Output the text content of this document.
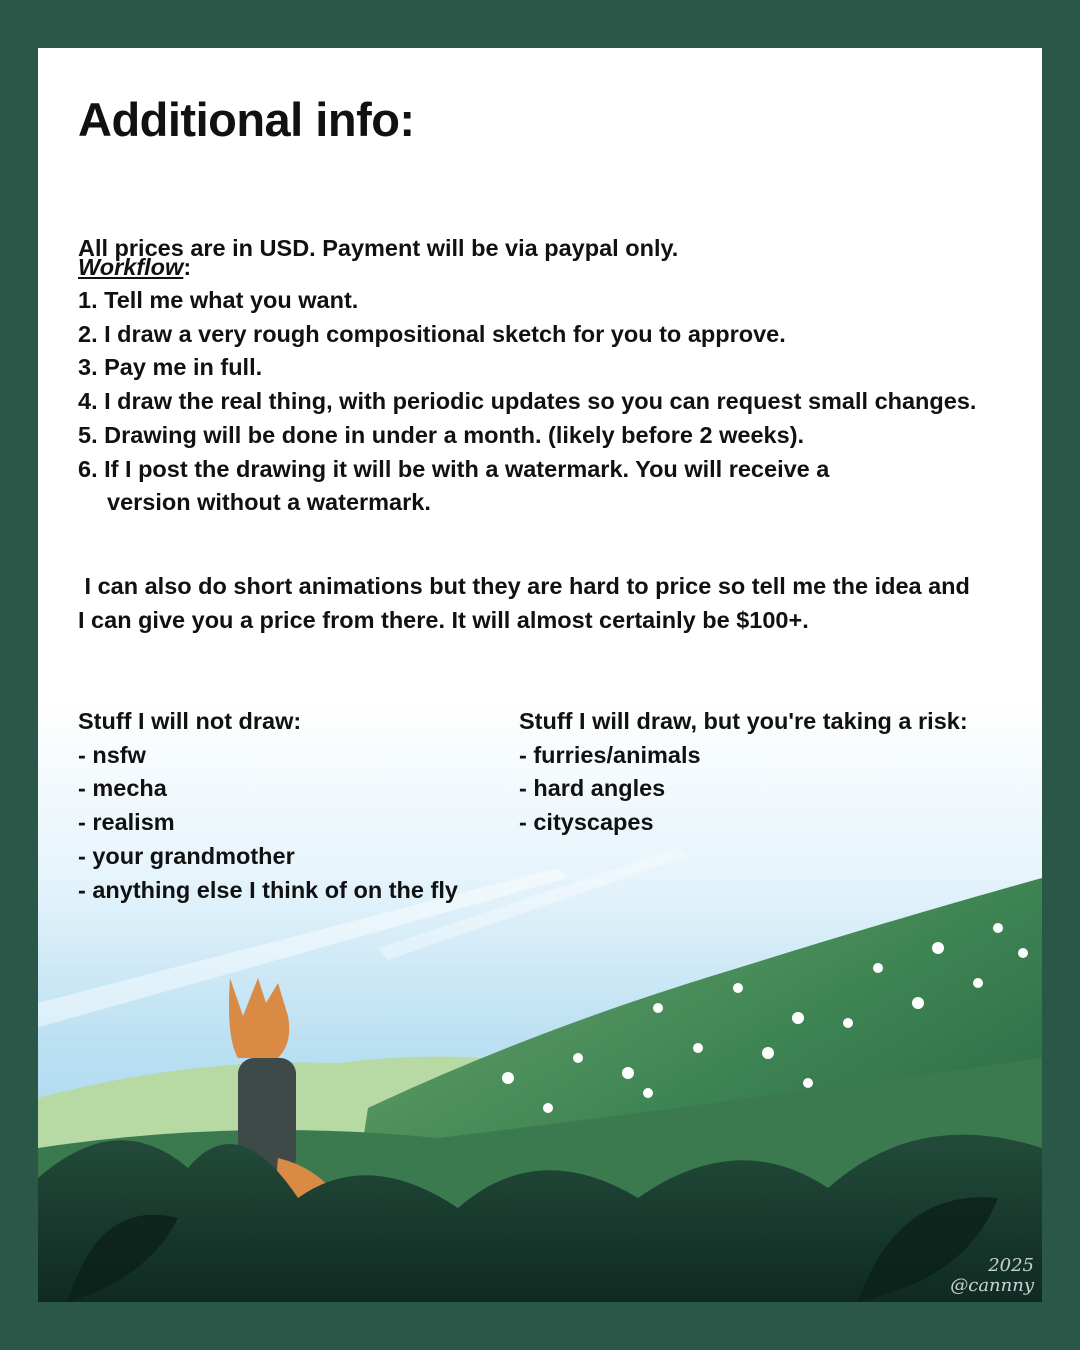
Additional info:

All prices are in USD. Payment will be via paypal only.

Workflow:

1. Tell me what you want.
2. I draw a very rough compositional sketch for you to approve.
3. Pay me in full.
4. I draw the real thing, with periodic updates so you can request small changes.
5. Drawing will be done in under a month. (likely before 2 weeks).
6. If I post the drawing it will be with a watermark. You will receive a
version without a watermark.
I can also do short animations but they are hard to price so tell me the idea and
I can give you a price from there. It will almost certainly be $100+.
Stuff I will not draw:
- nsfw
- mecha
- realism
- your grandmother
- anything else I think of on the fly
Stuff I will draw, but you're taking a risk:
- furries/animals
- hard angles
- cityscapes
2025
@cannny
